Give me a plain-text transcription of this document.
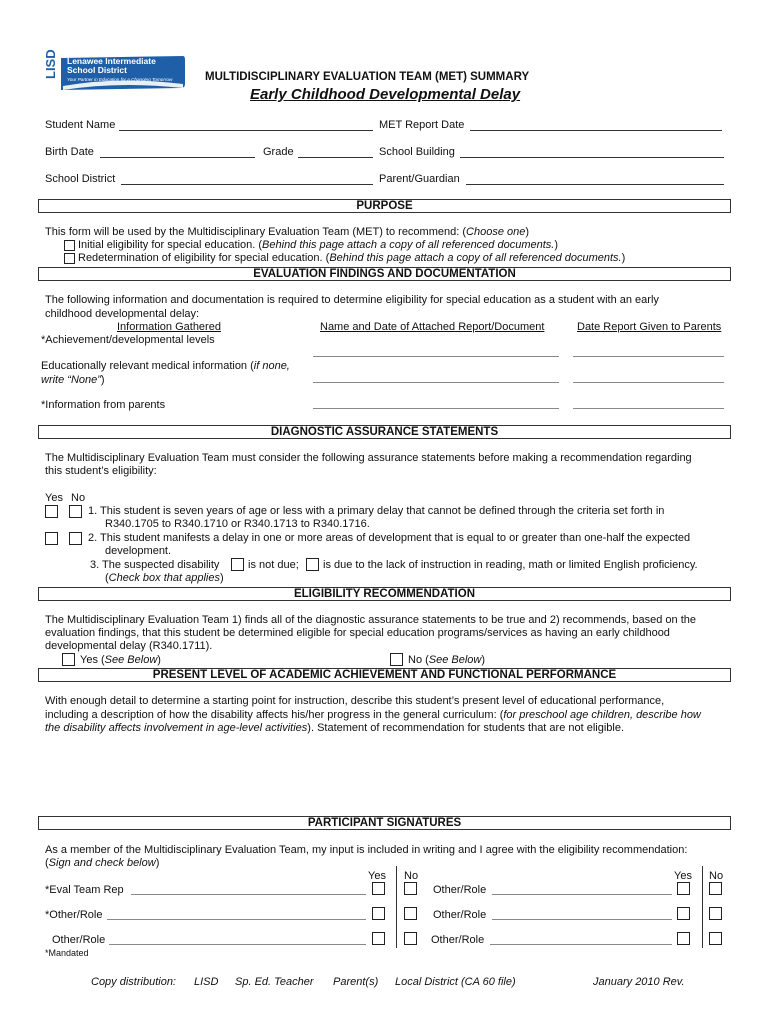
LISD Lenawee Intermediate
School District
Your Partner in Education for a Changing Tomorrow	MULTIDISCIPLINARY EVALUATION TEAM (MET) SUMMARY
Early Childhood Developmental Delay
Student Name	MET Report Date
Birth Date	Grade	School Building
School District	Parent/Guardian
PURPOSE
This form will be used by the Multidisciplinary Evaluation Team (MET) to recommend: (Choose one)
Initial eligibility for special education. (Behind this page attach a copy of all referenced documents.)
Redetermination of eligibility for special education. (Behind this page attach a copy of all referenced documents.)
EVALUATION FINDINGS AND DOCUMENTATION
The following information and documentation is required to determine eligibility for special education as a student with an early
childhood developmental delay:
Information Gathered	Name and Date of Attached Report/Document	Date Report Given to Parents
*Achievement/developmental levels
Educationally relevant medical information (if none,
write “None”)
*Information from parents
DIAGNOSTIC ASSURANCE STATEMENTS
The Multidisciplinary Evaluation Team must consider the following assurance statements before making a recommendation regarding
this student’s eligibility:
Yes No
1. This student is seven years of age or less with a primary delay that cannot be defined through the criteria set forth in
R340.1705 to R340.1710 or R340.1713 to R340.1716.
2. This student manifests a delay in one or more areas of development that is equal to or greater than one-half the expected
development.
3. The suspected disability	is not due; is due to the lack of instruction in reading, math or limited English proficiency.
(Check box that applies)
ELIGIBILITY RECOMMENDATION
The Multidisciplinary Evaluation Team 1) finds all of the diagnostic assurance statements to be true and 2) recommends, based on the
evaluation findings, that this student be determined eligible for special education programs/services as having an early childhood
developmental delay (R340.1711).
Yes (See Below)	No (See Below)
PRESENT LEVEL OF ACADEMIC ACHIEVEMENT AND FUNCTIONAL PERFORMANCE
With enough detail to determine a starting point for instruction, describe this student’s present level of educational performance,
including a description of how the disability affects his/her progress in the general curriculum: (for preschool age children, describe how
the disability affects involvement in age-level activities). Statement of recommendation for students that are not eligible.
PARTICIPANT SIGNATURES
As a member of the Multidisciplinary Evaluation Team, my input is included in writing and I agree with the eligibility recommendation:
(Sign and check below)
Yes No	Yes No
*Eval Team Rep	Other/Role
*Other/Role	Other/Role
Other/Role	Other/Role
*Mandated
Copy distribution: LISD Sp. Ed. Teacher Parent(s) Local District (CA 60 file)	January 2010 Rev.
